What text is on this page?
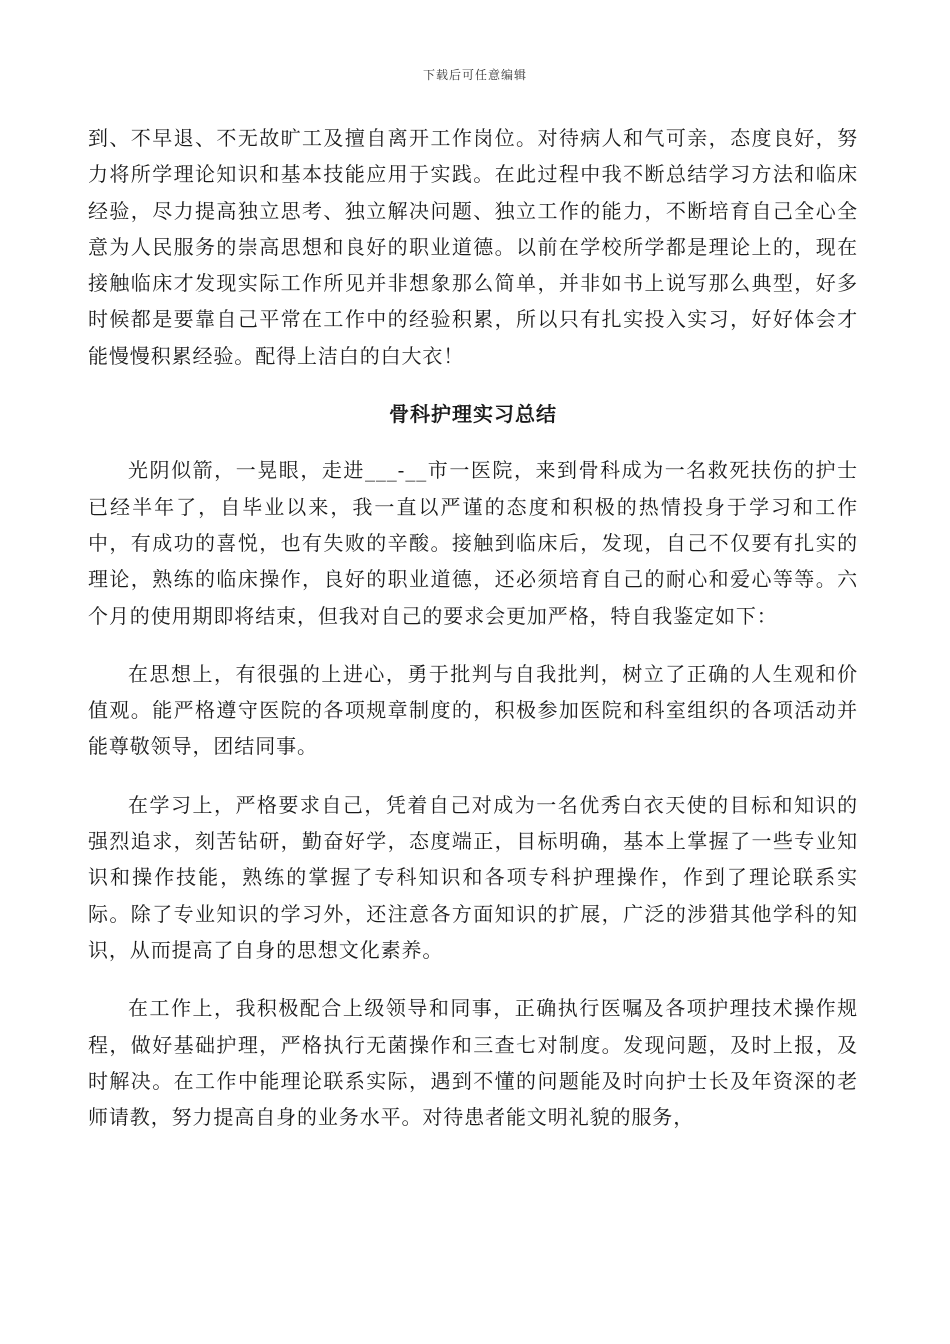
下载后可任意编辑

到、不早退、不无故旷工及擅自离开工作岗位。对待病人和气可亲，态度良好，努力将所学理论知识和基本技能应用于实践。在此过程中我不断总结学习方法和临床经验，尽力提高独立思考、独立解决问题、独立工作的能力，不断培育自己全心全意为人民服务的崇高思想和良好的职业道德。以前在学校所学都是理论上的，现在接触临床才发现实际工作所见并非想象那么简单，并非如书上说写那么典型，好多时候都是要靠自己平常在工作中的经验积累，所以只有扎实投入实习，好好体会才能慢慢积累经验。配得上洁白的白大衣！

骨科护理实习总结

光阴似箭，一晃眼，走进___-__市一医院，来到骨科成为一名救死扶伤的护士已经半年了，自毕业以来，我一直以严谨的态度和积极的热情投身于学习和工作中，有成功的喜悦，也有失败的辛酸。接触到临床后，发现，自己不仅要有扎实的理论，熟练的临床操作，良好的职业道德，还必须培育自己的耐心和爱心等等。六个月的使用期即将结束，但我对自己的要求会更加严格，特自我鉴定如下：

在思想上，有很强的上进心，勇于批判与自我批判，树立了正确的人生观和价值观。能严格遵守医院的各项规章制度的，积极参加医院和科室组织的各项活动并能尊敬领导，团结同事。

在学习上，严格要求自己，凭着自己对成为一名优秀白衣天使的目标和知识的强烈追求，刻苦钻研，勤奋好学，态度端正，目标明确，基本上掌握了一些专业知识和操作技能，熟练的掌握了专科知识和各项专科护理操作，作到了理论联系实际。除了专业知识的学习外，还注意各方面知识的扩展，广泛的涉猎其他学科的知识，从而提高了自身的思想文化素养。

在工作上，我积极配合上级领导和同事，正确执行医嘱及各项护理技术操作规程，做好基础护理，严格执行无菌操作和三查七对制度。发现问题，及时上报，及时解决。在工作中能理论联系实际，遇到不懂的问题能及时向护士长及年资深的老师请教，努力提高自身的业务水平。对待患者能文明礼貌的服务，
